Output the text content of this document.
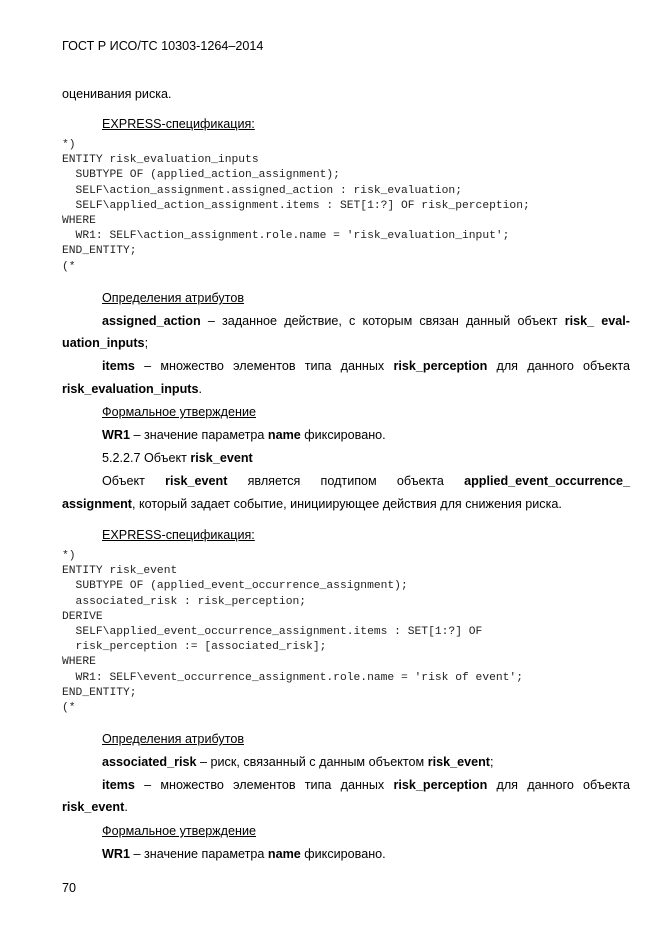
ГОСТ Р ИСО/ТС 10303-1264–2014
оценивания риска.
EXPRESS-спецификация:
*)
ENTITY risk_evaluation_inputs
SUBTYPE OF (applied_action_assignment);
SELF\action_assignment.assigned_action : risk_evaluation;
SELF\applied_action_assignment.items : SET[1:?] OF risk_perception;
WHERE
WR1: SELF\action_assignment.role.name = 'risk_evaluation_input';
END_ENTITY;
(*
Определения атрибутов
assigned_action – заданное действие, с которым связан данный объект risk_ eval-
uation_inputs;
items – множество элементов типа данных risk_perception для данного объекта
risk_evaluation_inputs.
Формальное утверждение
WR1 – значение параметра name фиксировано.
5.2.2.7 Объект risk_event
Объект risk_event является подтипом объекта applied_event_occurrence_
assignment, который задает событие, инициирующее действия для снижения риска.
EXPRESS-спецификация:
*)
ENTITY risk_event
SUBTYPE OF (applied_event_occurrence_assignment);
associated_risk : risk_perception;
DERIVE
SELF\applied_event_occurrence_assignment.items : SET[1:?] OF
risk_perception := [associated_risk];
WHERE
WR1: SELF\event_occurrence_assignment.role.name = 'risk of event';
END_ENTITY;
(*
Определения атрибутов
associated_risk – риск, связанный с данным объектом risk_event;
items – множество элементов типа данных risk_perception для данного объекта
risk_event.
Формальное утверждение
WR1 – значение параметра name фиксировано.
70
